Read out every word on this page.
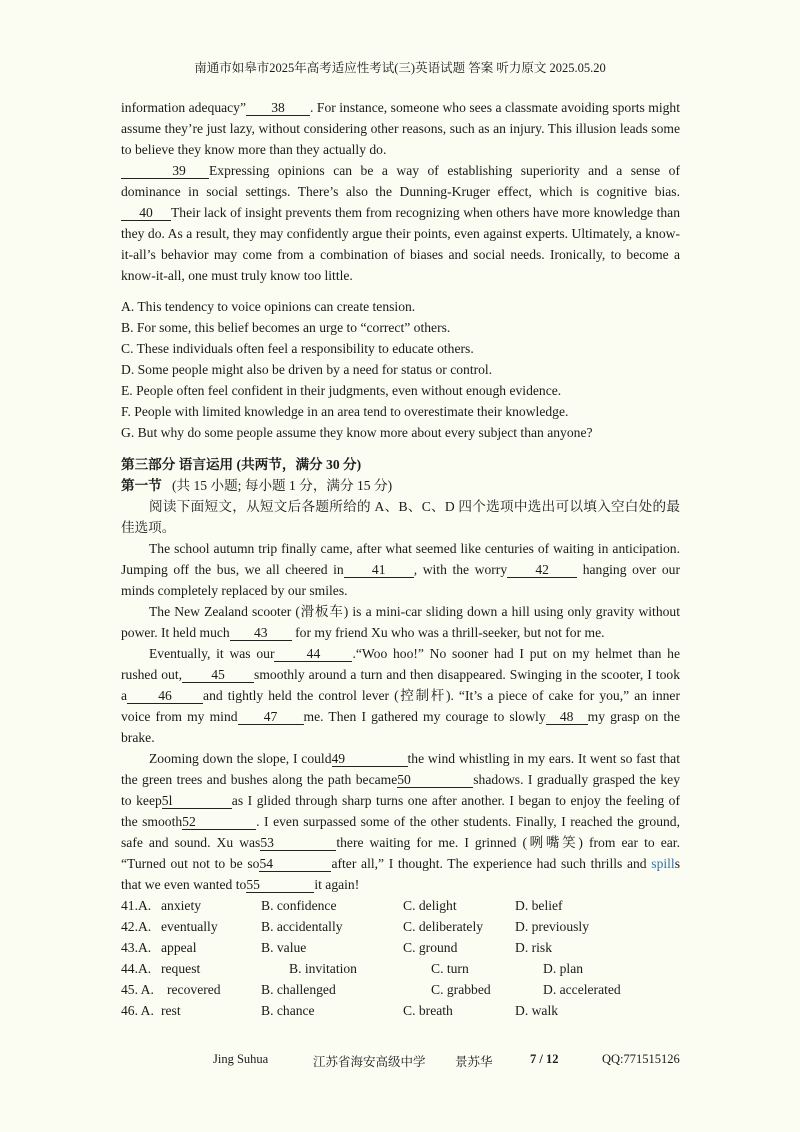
南通市如皋市2025年高考适应性考试(三)英语试题 答案 听力原文 2025.05.20

information adequacy” 38 . For instance, someone who sees a classmate avoiding sports might assume they’re just lazy, without considering other reasons, such as an injury. This illusion leads some to believe they know more than they actually do.

39 Expressing opinions can be a way of establishing superiority and a sense of dominance in social settings. There’s also the Dunning-Kruger effect, which is cognitive bias.40 Their lack of insight prevents them from recognizing when others have more knowledge than they do. As a result, they may confidently argue their points, even against experts. Ultimately, a know-it-all’s behavior may come from a combination of biases and social needs. Ironically, to become a know-it-all, one must truly know too little.

A. This tendency to voice opinions can create tension.

B. For some, this belief becomes an urge to “correct” others.

C. These individuals often feel a responsibility to educate others.

D. Some people might also be driven by a need for status or control.

E. People often feel confident in their judgments, even without enough evidence.

F. People with limited knowledge in an area tend to overestimate their knowledge.

G. But why do some people assume they know more about every subject than anyone?

第三部分 语言运用 (共两节，满分 30 分)
第一节 (共 15 小题; 每小题 1 分，满分 15 分)

阅读下面短文，从短文后各题所给的 A、B、C、D 四个选项中选出可以填入空白处的最佳选项。

The school autumn trip finally came, after what seemed like centuries of waiting in anticipation. Jumping off the bus, we all cheered in 41 , with the worry 42 hanging over our minds completely replaced by our smiles.

The New Zealand scooter (滑板车) is a mini-car sliding down a hill using only gravity without power. It held much 43 for my friend Xu who was a thrill-seeker, but not for me.

Eventually, it was our 44 .“Woo hoo!” No sooner had I put on my helmet than he rushed out, 45 smoothly around a turn and then disappeared. Swinging in the scooter, I took a 46 and tightly held the control lever (控制杆). “It’s a piece of cake for you,” an inner voice from my mind 47 me. Then I gathered my courage to slowly 48 my grasp on the brake.

Zooming down the slope, I could49	the wind whistling in my ears. It went so fast that the green trees and bushes along the path became50	shadows. I gradually grasped the key to keep5l	as I glided through sharp turns one after another. I began to enjoy the feeling of the smooth52	. I even surpassed some of the other students. Finally, I reached the ground, safe and sound. Xu was53	there waiting for me. I grinned (咧嘴笑) from ear to ear. “Turned out not to be so54	after all,” I thought. The experience had such thrills and spills that we even wanted to55	it again!

41.A. anxiety	B. confidence	C. delight	D. belief
42.A. eventually	B. accidentally	C. deliberately	D. previously
43.A. appeal	B. value	C. ground	D. risk
44.A. request	B. invitation	C. turn	D. plan
45. A. recovered	B. challenged	C. grabbed	D. accelerated
46. A. rest	B. chance	C. breath	D. walk
Jing Suhua	江苏省海安高级中学 景苏华	7 / 12	QQ:771515126
